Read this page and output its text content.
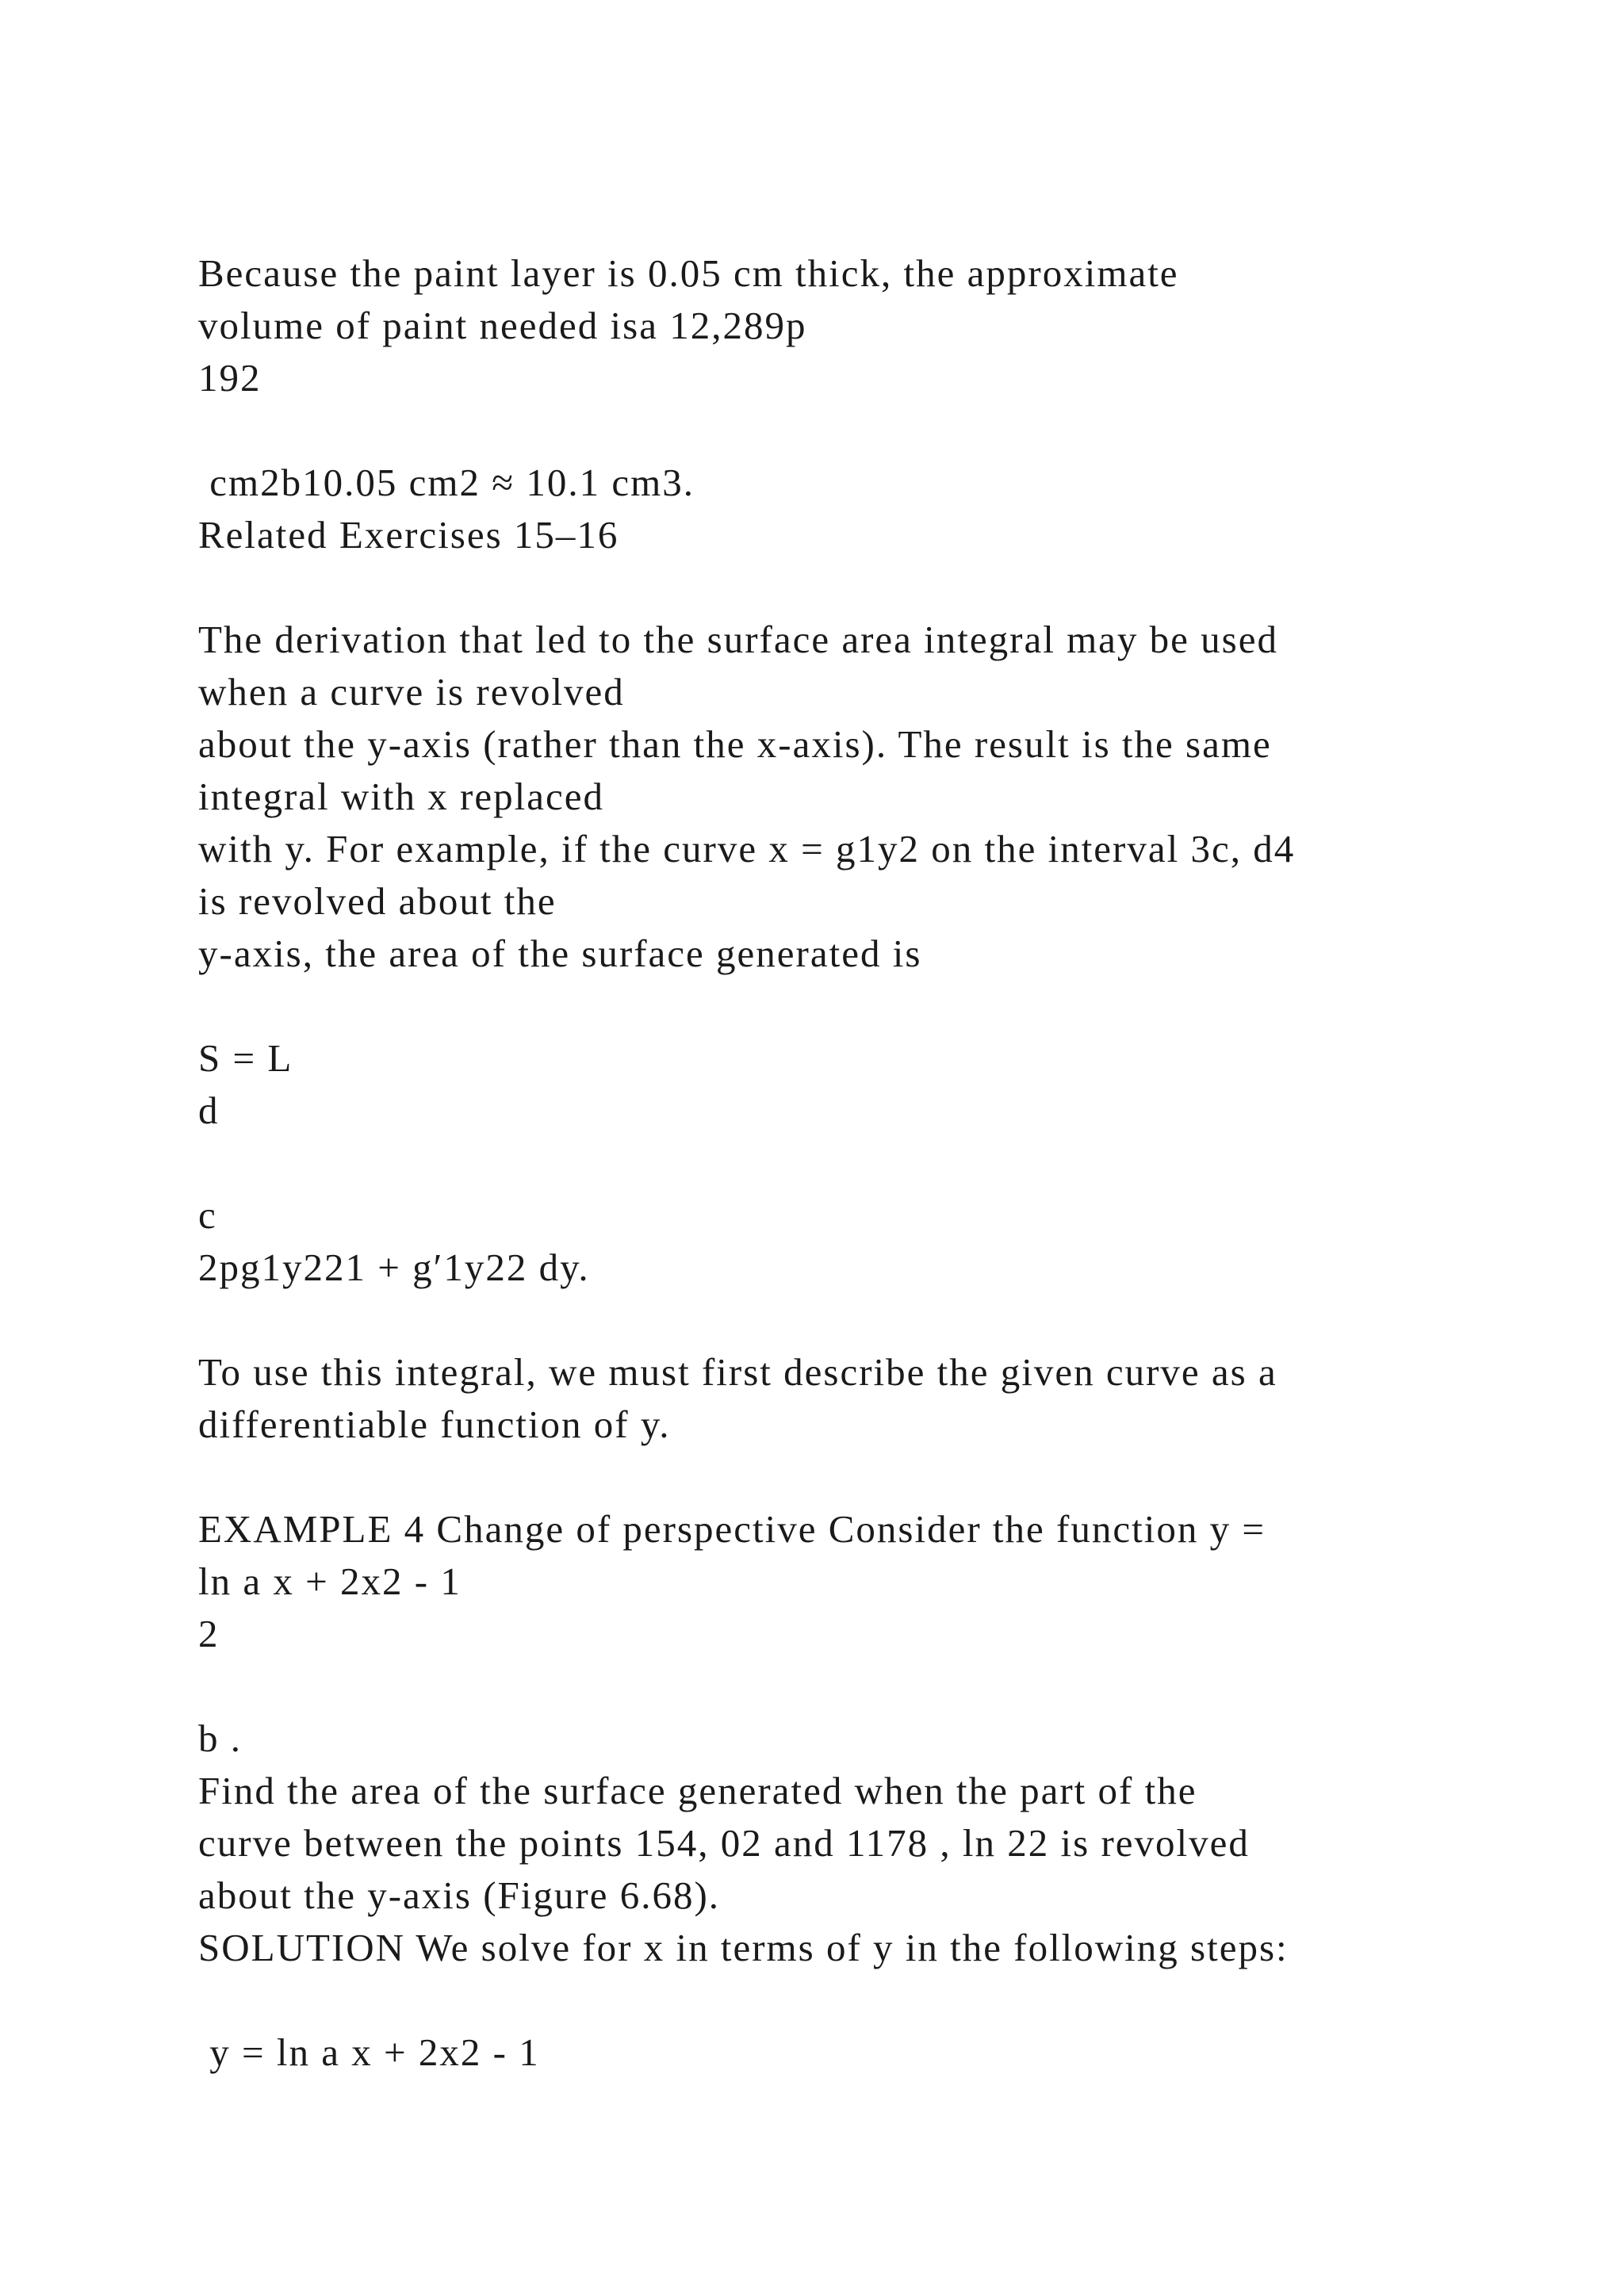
Because the paint layer is 0.05 cm thick, the approximate
volume of paint needed isa 12,289p
192
cm2b10.05 cm2 ≈ 10.1 cm3.
Related Exercises 15–16
The derivation that led to the surface area integral may be used
when a curve is revolved
about the y-axis (rather than the x-axis). The result is the same
integral with x replaced
with y. For example, if the curve x = g1y2 on the interval 3c, d4
is revolved about the
y-axis, the area of the surface generated is
S = L
d
c
2pg1y221 + g′1y22 dy.
To use this integral, we must first describe the given curve as a
differentiable function of y.
EXAMPLE 4 Change of perspective Consider the function y =
ln a x + 2x2 - 1
2
b .
Find the area of the surface generated when the part of the
curve between the points 154, 02 and 1178 , ln 22 is revolved
about the y-axis (Figure 6.68).
SOLUTION We solve for x in terms of y in the following steps:
y = ln a x + 2x2 - 1
